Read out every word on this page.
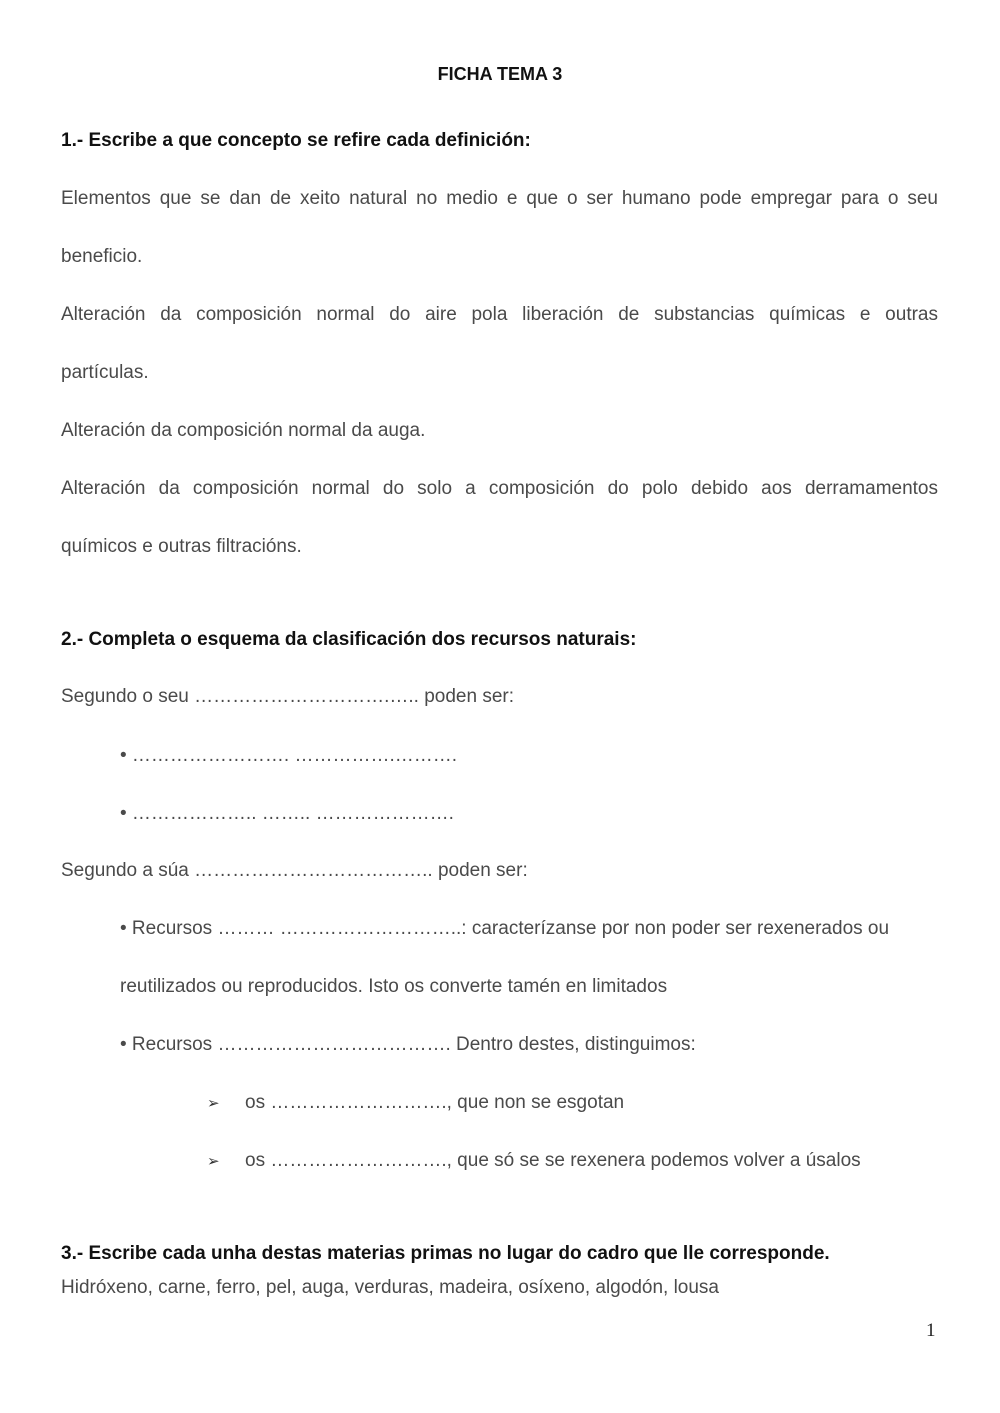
FICHA TEMA 3
1.- Escribe a que concepto se refire cada definición:
Elementos que se dan de xeito natural no medio e que o ser humano pode empregar para o seu
beneficio.
Alteración da composición normal do aire pola liberación de substancias químicas e outras
partículas.
Alteración da composición normal da auga.
Alteración da composición normal do solo a composición do polo debido aos derramamentos
químicos e outras filtracións.
2.- Completa o esquema da clasificación dos recursos naturais:
Segundo o seu ………………………….….. poden ser:
• ……………………. …………….……….
• ……………….. …….. ………………….
Segundo a súa ……………………………….. poden ser:
• Recursos ……… ………………………..: caracterízanse por non poder ser rexenerados ou
reutilizados ou reproducidos. Isto os converte tamén en limitados
• Recursos ………………………………. Dentro destes, distinguimos:
➢ os ………………………., que non se esgotan
➢ os ………………………., que só se se rexenera podemos volver a úsalos
3.- Escribe cada unha destas materias primas no lugar do cadro que lle corresponde.
Hidróxeno, carne, ferro, pel, auga, verduras, madeira, osíxeno, algodón, lousa
1
